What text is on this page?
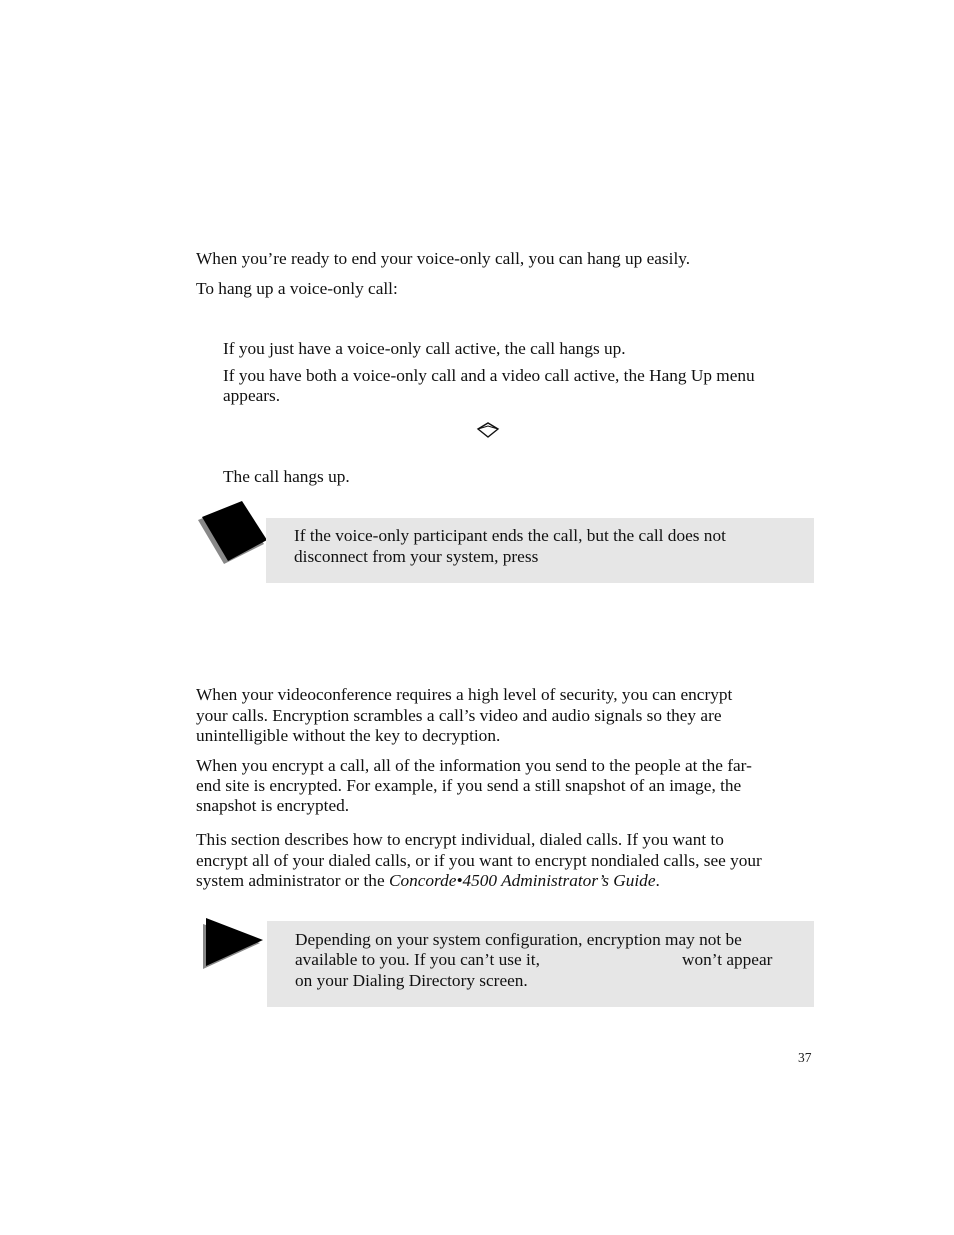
When you’re ready to end your voice-only call, you can hang up easily.

To hang up a voice-only call:

If you just have a voice-only call active, the call hangs up.

If you have both a voice-only call and a video call active, the Hang Up menu

appears.

The call hangs up.

If the voice-only participant ends the call, but the call does not

disconnect from your system, press

When your videoconference requires a high level of security, you can encrypt

your calls. Encryption scrambles a call’s video and audio signals so they are

unintelligible without the key to decryption.

When you encrypt a call, all of the information you send to the people at the far-

end site is encrypted. For example, if you send a still snapshot of an image, the

snapshot is encrypted.

This section describes how to encrypt individual, dialed calls. If you want to

encrypt all of your dialed calls, or if you want to encrypt nondialed calls, see your

system administrator or the Concorde•4500 Administrator’s Guide.

Depending on your system configuration, encryption may not be

available to you. If you can’t use it,	won’t appear

on your Dialing Directory screen.

37
